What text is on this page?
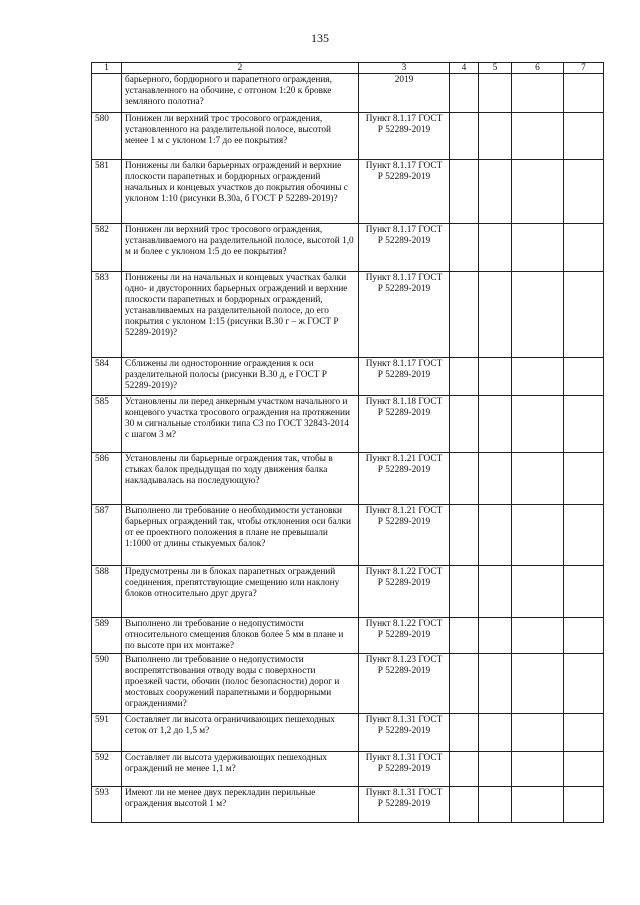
135
1	2	3	4	5	6	7
	барьерного, бордюрного и парапетного ограждения, устанавленного на обочине, с отгоном 1:20 к бровке земляного полотна?	2019				
580	Понижен ли верхний трос тросового ограждения, установленного на разделительной полосе, высотой менее 1 м с уклоном 1:7 до ее покрытия?	Пункт 8.1.17 ГОСТ Р 52289-2019				
581	Понижены ли балки барьерных ограждений и верхние плоскости парапетных и бордюрных ограждений начальных и концевых участков до покрытия обочины с уклоном 1:10 (рисунки В.30а, б ГОСТ Р 52289-2019)?	Пункт 8.1.17 ГОСТ Р 52289-2019				
582	Понижен ли верхний трос тросового ограждения, устанавливаемого на разделительной полосе, высотой 1,0 м и более с уклоном 1:5 до ее покрытия?	Пункт 8.1.17 ГОСТ Р 52289-2019				
583	Понижены ли на начальных и концевых участках балки одно- и двусторонних барьерных ограждений и верхние плоскости парапетных и бордюрных ограждений, устанавливаемых на разделительной полосе, до его покрытия с уклоном 1:15 (рисунки В.30 г – ж ГОСТ Р 52289-2019)?	Пункт 8.1.17 ГОСТ Р 52289-2019				
584	Сближены ли односторонние ограждения к оси разделительной полосы (рисунки В.30 д, е ГОСТ Р 52289-2019)?	Пункт 8.1.17 ГОСТ Р 52289-2019				
585	Установлены ли перед анкерным участком начального и концевого участка тросового ограждения на протяжении 30 м сигнальные столбики типа С3 по ГОСТ 32843-2014 с шагом 3 м?	Пункт 8.1.18 ГОСТ Р 52289-2019				
586	Установлены ли барьерные ограждения так, чтобы в стыках балок предыдущая по ходу движения балка накладывалась на последующую?	Пункт 8.1.21 ГОСТ Р 52289-2019				
587	Выполнено ли требование о необходимости установки барьерных ограждений так, чтобы отклонения оси балки от ее проектного положения в плане не превышали 1:1000 от длины стыкуемых балок?	Пункт 8.1.21 ГОСТ Р 52289-2019				
588	Предусмотрены ли в блоках парапетных ограждений соединения, препятствующие смещению или наклону блоков относительно друг друга?	Пункт 8.1.22 ГОСТ Р 52289-2019				
589	Выполнено ли требование о недопустимости относительного смещения блоков более 5 мм в плане и по высоте при их монтаже?	Пункт 8.1.22 ГОСТ Р 52289-2019				
590	Выполнено ли требование о недопустимости воспрепятствования отводу воды с поверхности проезжей части, обочин (полос безопасности) дорог и мостовых сооружений парапетными и бордюрными ограждениями?	Пункт 8.1.23 ГОСТ Р 52289-2019				
591	Составляет ли высота ограничивающих пешеходных сеток от 1,2 до 1,5 м?	Пункт 8.1.31 ГОСТ Р 52289-2019				
592	Составляет ли высота удерживающих пешеходных ограждений не менее 1,1 м?	Пункт 8.1.31 ГОСТ Р 52289-2019				
593	Имеют ли не менее двух перекладин перильные ограждения высотой 1 м?	Пункт 8.1.31 ГОСТ Р 52289-2019				
